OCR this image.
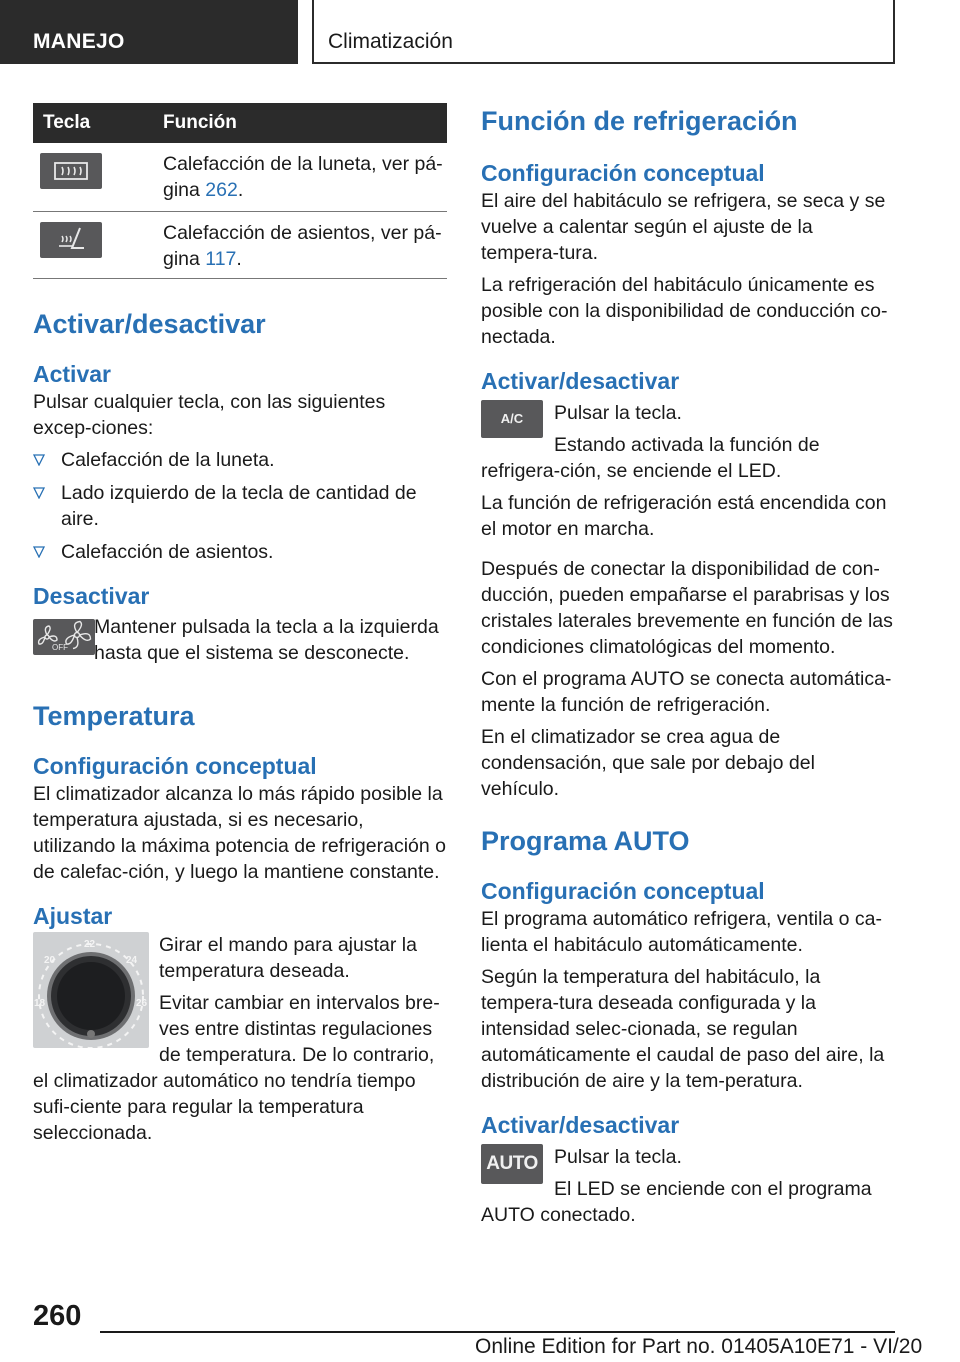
MANEJO	Climatización
Tecla	Función

	Calefacción de la luneta, ver pá-gina 262.

	Calefacción de asientos, ver pá-gina 117.
Activar/desactivar
Activar

Pulsar cualquier tecla, con las siguientes excep-ciones:

Calefacción de la luneta.
Lado izquierdo de la tecla de cantidad de aire.
Calefacción de asientos.
Desactivar
OFF

Mantener pulsada la tecla a la izquierda hasta que el sistema se desconecte.

Temperatura
Configuración conceptual

El climatizador alcanza lo más rápido posible la temperatura ajustada, si es necesario, utilizando la máxima potencia de refrigeración o de calefac-ción, y luego la mantiene constante.

Ajustar
22
20	24
18	26

Girar el mando para ajustar la temperatura deseada.

Evitar cambiar en intervalos bre-ves entre distintas regulaciones de temperatura. De lo contrario, el climatizador automático no tendría tiempo sufi-ciente para regular la temperatura seleccionada.

Función de refrigeración
Configuración conceptual

El aire del habitáculo se refrigera, se seca y se vuelve a calentar según el ajuste de la tempera-tura.

La refrigeración del habitáculo únicamente es posible con la disponibilidad de conducción co-nectada.

Activar/desactivar
A/C	Pulsar la tecla.

Estando activada la función de refrigera-ción, se enciende el LED.

La función de refrigeración está encendida con el motor en marcha.

Después de conectar la disponibilidad de con-ducción, pueden empañarse el parabrisas y los cristales laterales brevemente en función de las condiciones climatológicas del momento.

Con el programa AUTO se conecta automática-mente la función de refrigeración.

En el climatizador se crea agua de condensación, que sale por debajo del vehículo.

Programa AUTO
Configuración conceptual

El programa automático refrigera, ventila o ca-lienta el habitáculo automáticamente.

Según la temperatura del habitáculo, la tempera-tura deseada configurada y la intensidad selec-cionada, se regulan automáticamente el caudal de paso del aire, la distribución de aire y la tem-peratura.

Activar/desactivar
AUTO Pulsar la tecla.

El LED se enciende con el programa AUTO conectado.

260
Online Edition for Part no. 01405A10E71 - VI/20
